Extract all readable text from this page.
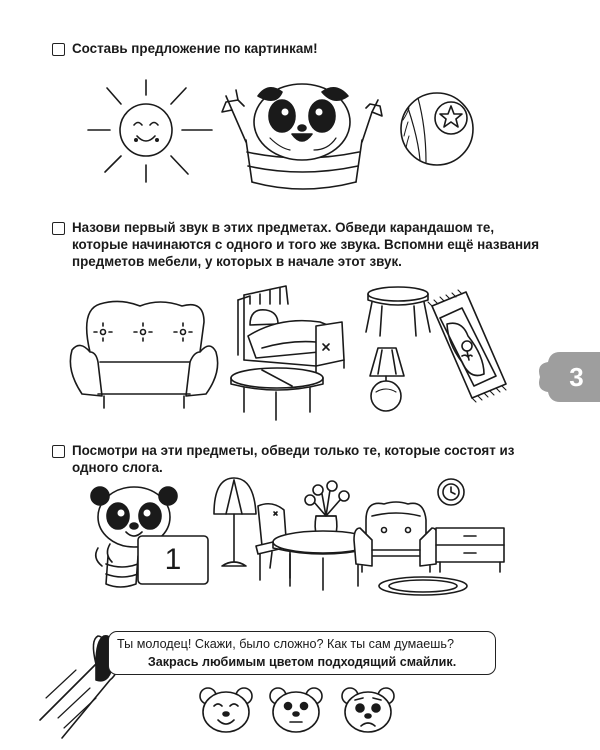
Составь предложение по картинкам!
Назови первый звук в этих предметах. Обведи карандашом те,
которые начинаются с одного и того же звука. Вспомни ещё названия
предметов мебели, у которых в начале этот звук.
Посмотри на эти предметы, обведи только те, которые состоят из
одного слога.
1
3
Ты молодец! Скажи, было сложно? Как ты сам думаешь?
Закрась любимым цветом подходящий смайлик.
